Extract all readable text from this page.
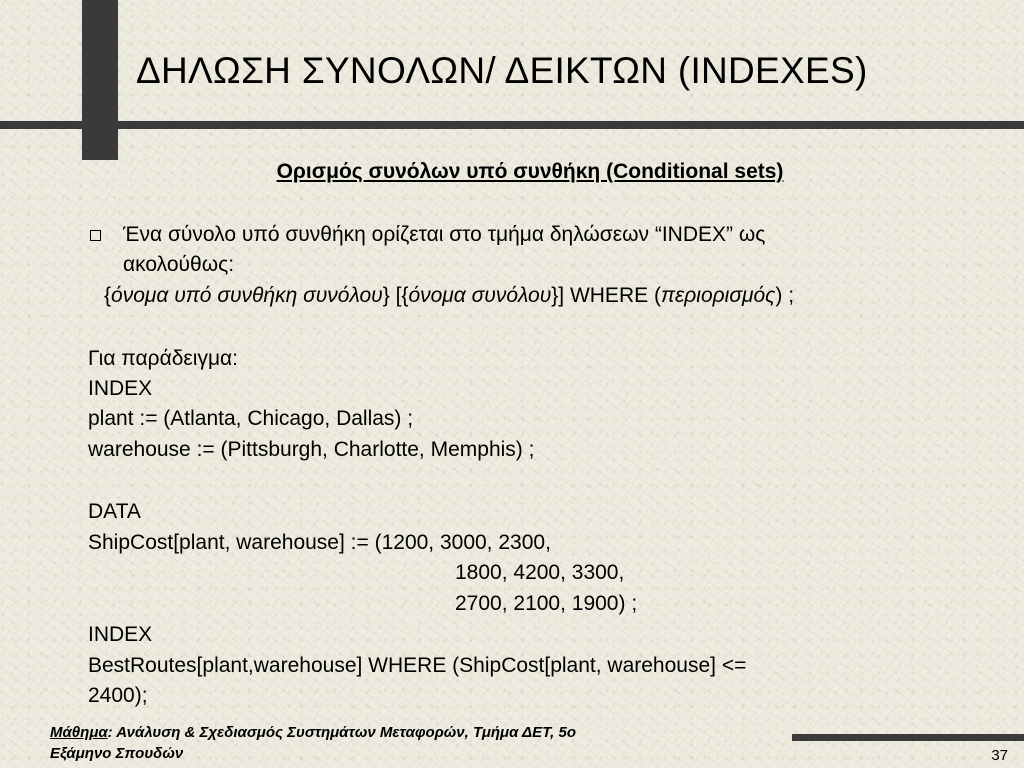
ΔΗΛΩΣΗ ΣΥΝΟΛΩΝ/ ΔΕΙΚΤΩΝ (INDEXES)
Ορισμός συνόλων υπό συνθήκη (Conditional sets)

Ένα σύνολο υπό συνθήκη ορίζεται στο τμήμα δηλώσεων “INDEX” ως

ακολούθως:

{όνομα υπό συνθήκη συνόλου} [{όνομα συνόλου}] WHERE (περιορισμός) ;

Για παράδειγμα:

INDEX

plant := (Atlanta, Chicago, Dallas) ;

warehouse := (Pittsburgh, Charlotte, Memphis) ;

DATA

ShipCost[plant, warehouse] := (1200, 3000, 2300,

1800, 4200, 3300,

2700, 2100, 1900) ;

INDEX

BestRoutes[plant,warehouse] WHERE (ShipCost[plant, warehouse] <=

2400);

Μάθημα: Ανάλυση & Σχεδιασμός Συστημάτων Μεταφορών, Τμήμα ΔΕΤ, 5ο
Εξάμηνο Σπουδών	37
